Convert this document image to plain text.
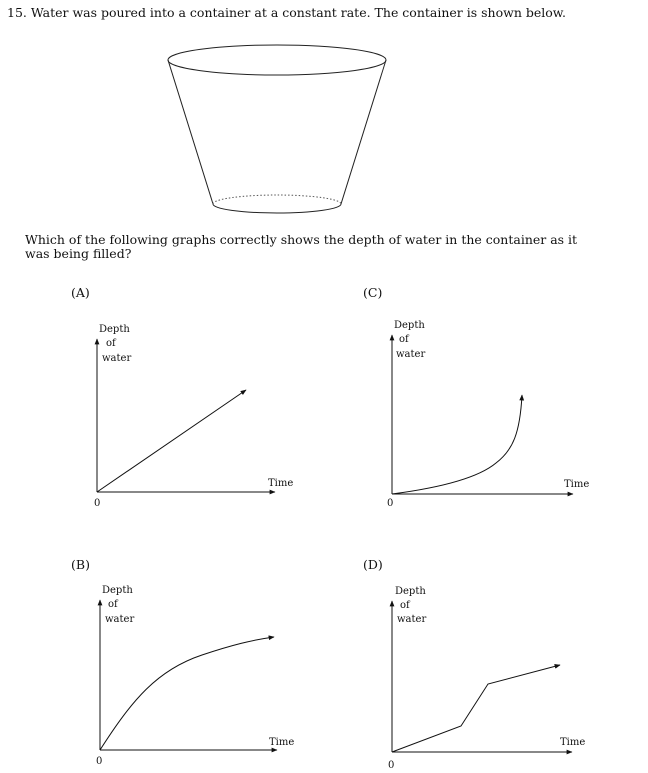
15. Water was poured into a container at a constant rate. The container is shown below.
Which of the following graphs correctly shows the depth of water in the container as it was being filled?
(A)	(C)
(B)	(D)
Depth
of
water
Time
0
Depth
of
water
Time
0
Depth
of
water
Time
0
Depth
of
water
Time
0
